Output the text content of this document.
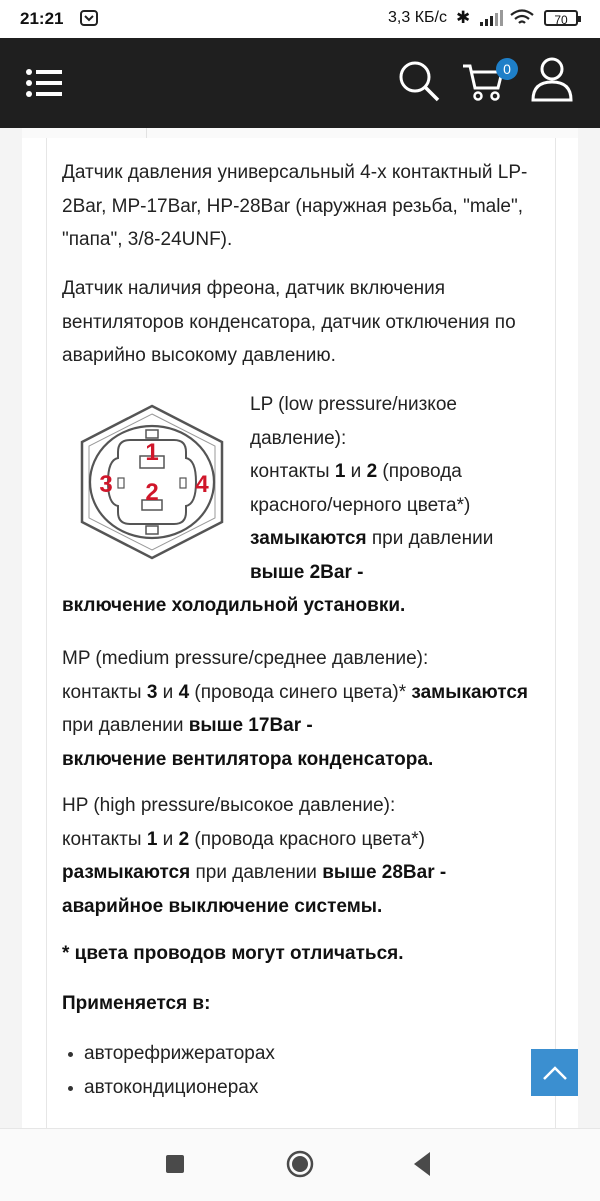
21:21	3,3 КБ/с ✱	70
0
Датчик давления универсальный 4-х контактный LP-2Bar, MP-17Bar, HP-28Bar (наружная резьба, "male", "папа", 3/8-24UNF).
Датчик наличия фреона, датчик включения вентиляторов конденсатора, датчик отключения по аварийно высокому давлению.
1
2
3	4
LP (low pressure/низкое давление):
контакты 1 и 2 (провода красного/черного цвета*) замыкаются при давлении выше 2Bar -
включение холодильной установки.
MP (medium pressure/среднее давление):
контакты 3 и 4 (провода синего цвета)* замыкаются при давлении выше 17Bar -
включение вентилятора конденсатора.
HP (high pressure/высокое давление):
контакты 1 и 2 (провода красного цвета*) размыкаются при давлении выше 28Bar -
аварийное выключение системы.
* цвета проводов могут отличаться.
Применяется в:
авторефрижераторах
автокондиционерах
